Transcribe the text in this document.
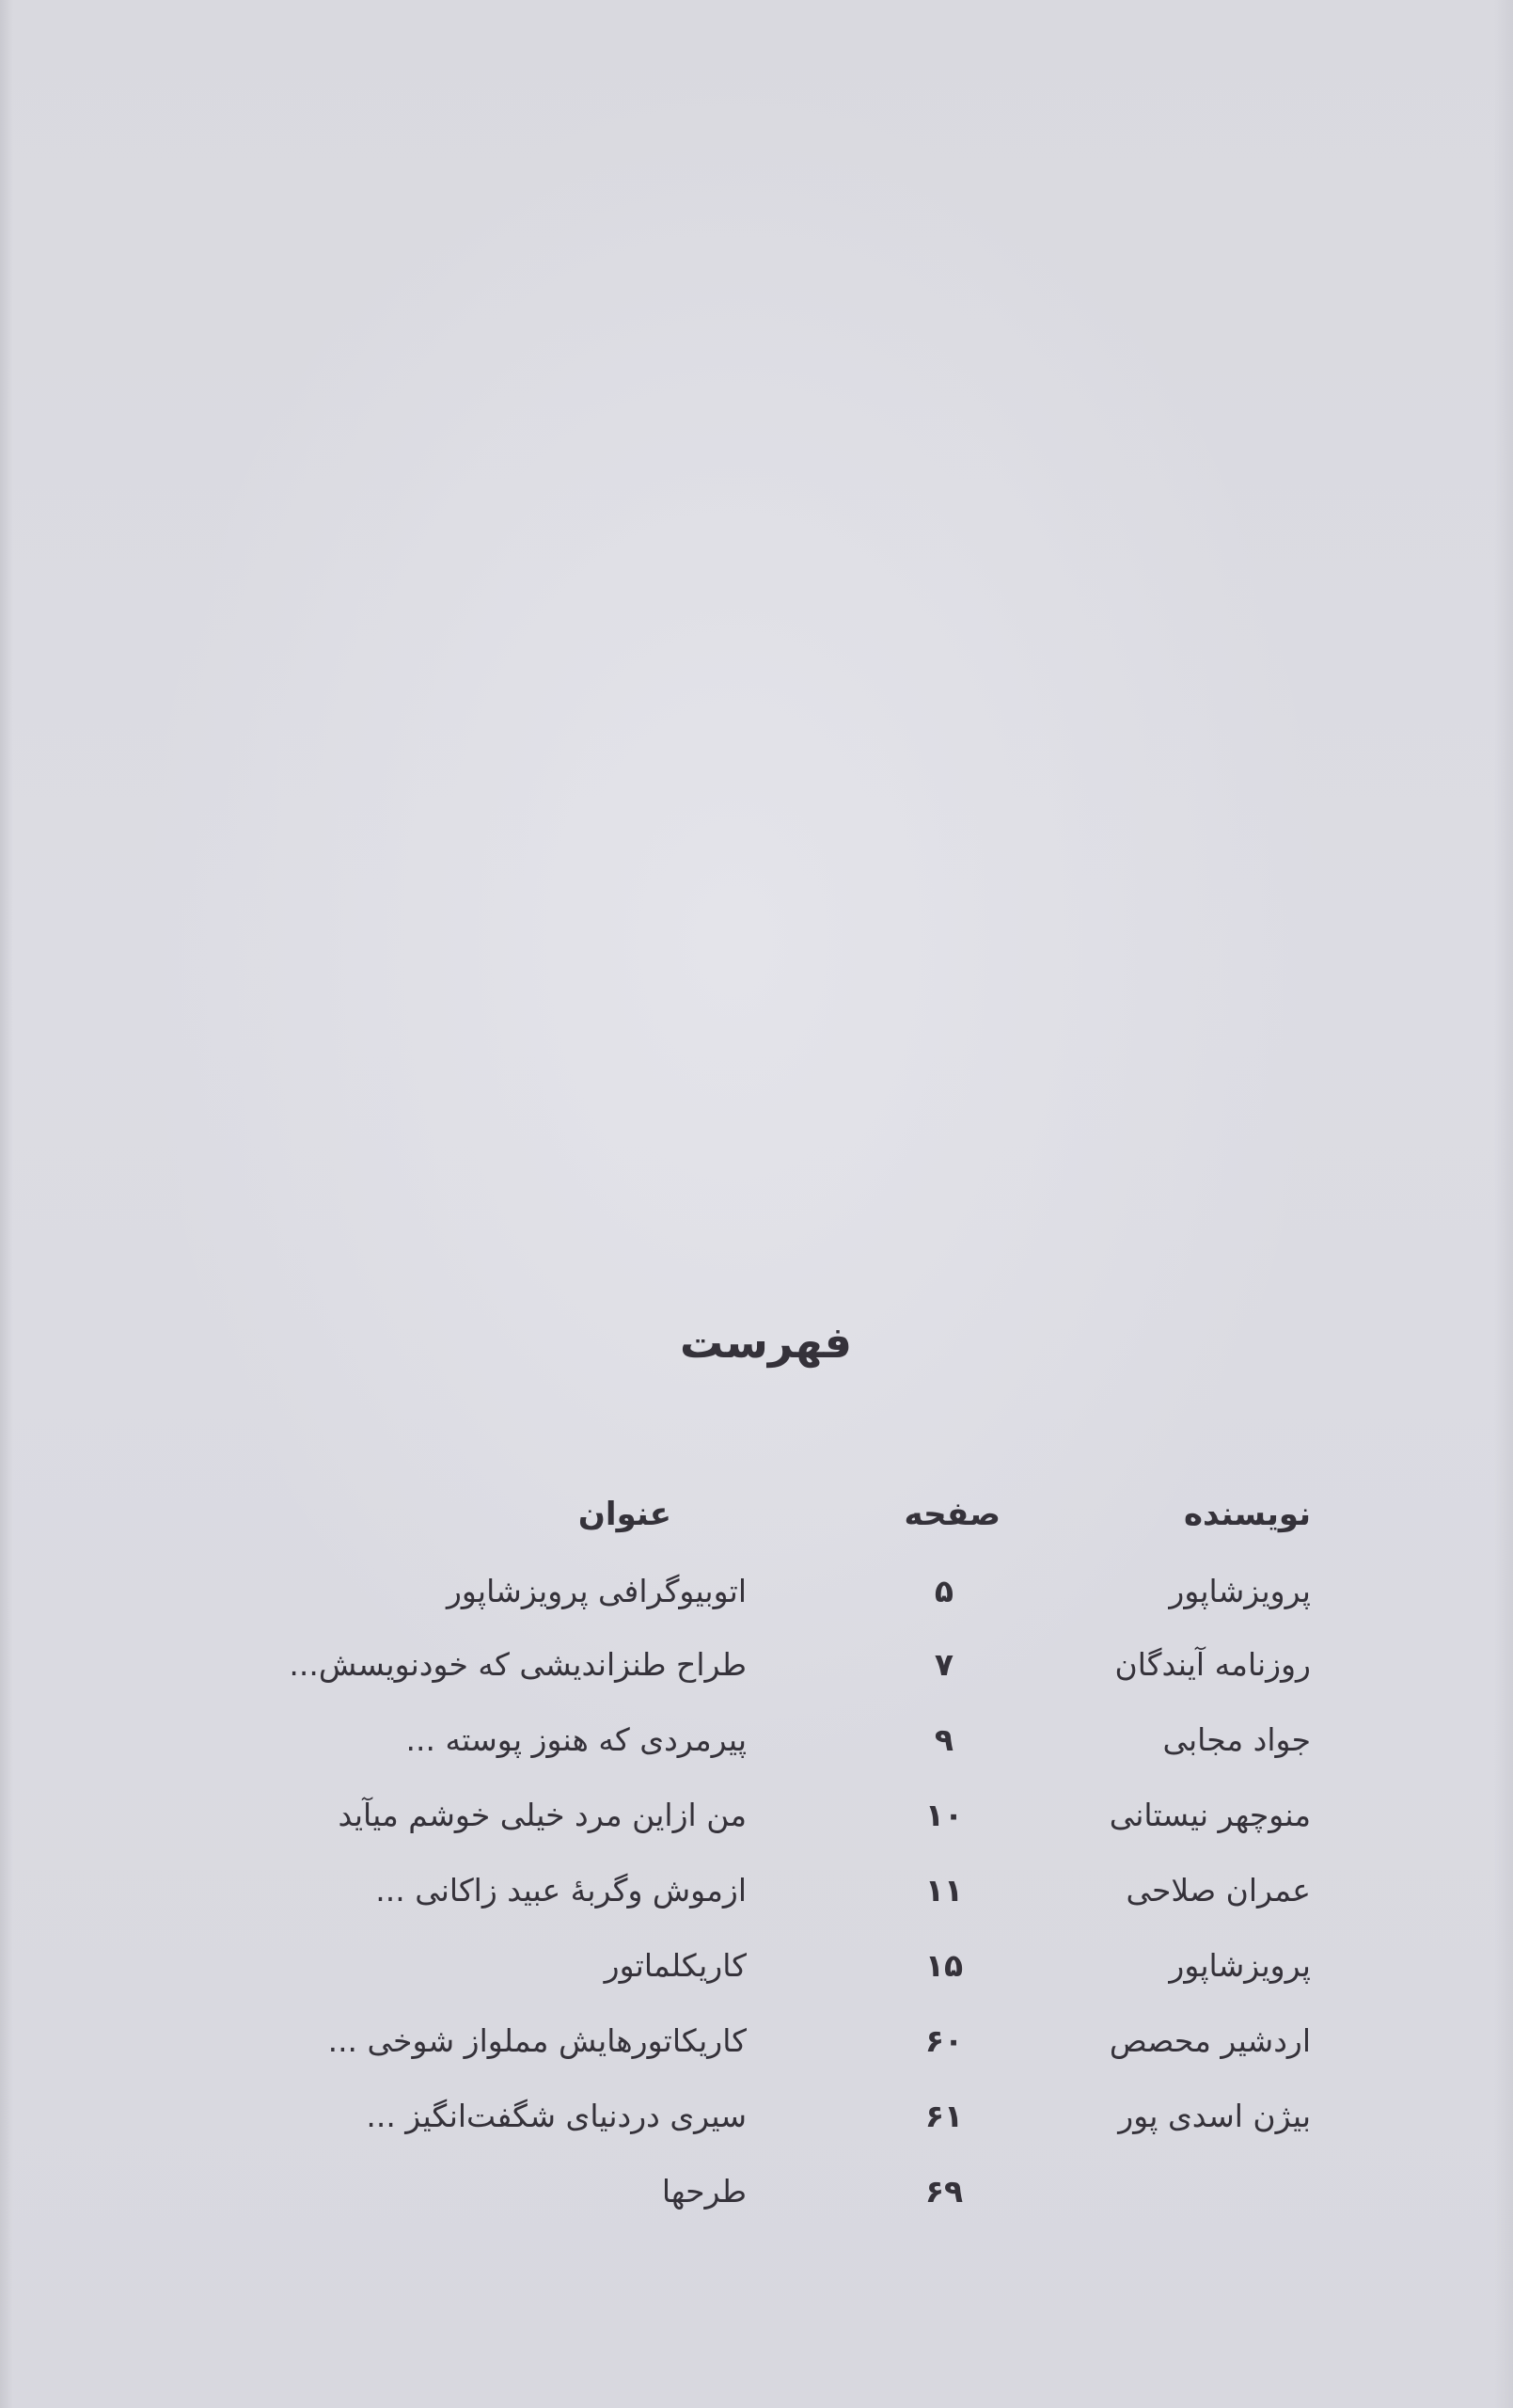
فهرست
نویسنده
صفحه
عنوان
پرویزشاپور
۵
اتوبیوگرافی پرویزشاپور
روزنامه آیندگان
۷
طراح طنزاندیشی که خودنویسش...
جواد مجابی
۹
پیرمردی که هنوز پوسته ...
منوچهر نیستانی
۱۰
من ازاین مرد خیلی خوشم میآید
عمران صلاحی
۱۱
ازموش وگربهٔ عبید زاکانی ...
پرویزشاپور
۱۵
کاریکلماتور
اردشیر محصص
۶۰
کاریکاتورهایش مملواز شوخی ...
بیژن اسدی پور
۶۱
سیری دردنیای شگفت‌انگیز ...
۶۹
طرحها
